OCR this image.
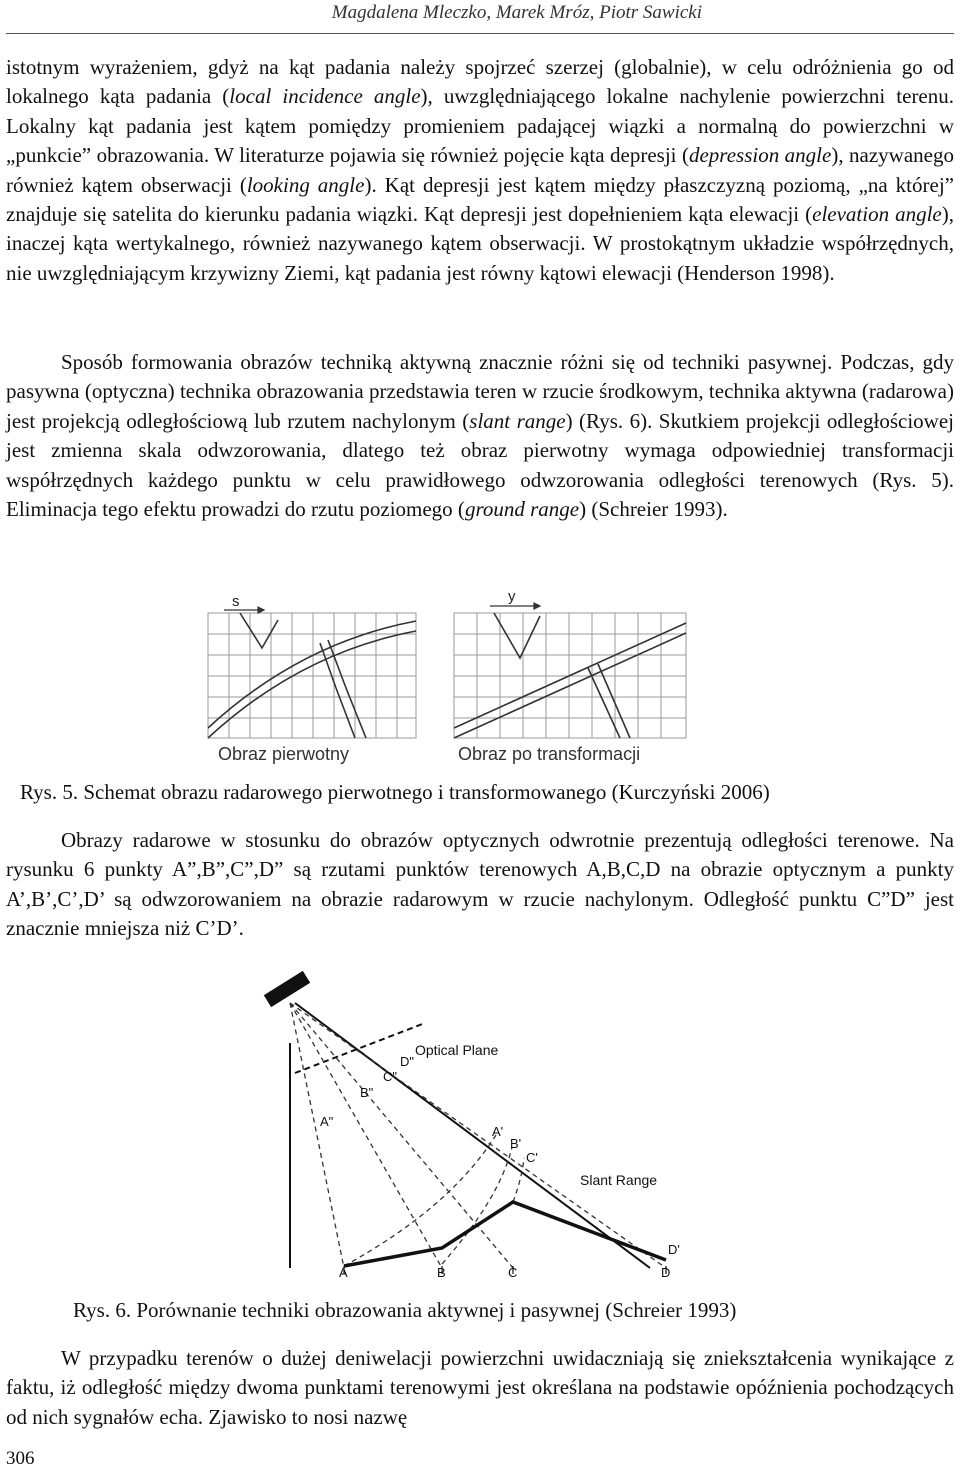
Magdalena Mleczko, Marek Mróz, Piotr Sawicki

istotnym wyrażeniem, gdyż na kąt padania należy spojrzeć szerzej (globalnie), w celu odróżnienia go od lokalnego kąta padania (local incidence angle), uwzględniającego lokalne nachylenie powierzchni terenu. Lokalny kąt padania jest kątem pomiędzy promieniem padającej wiązki a normalną do powierzchni w „punkcie” obrazowania. W literaturze pojawia się również pojęcie kąta depresji (depression angle), nazywanego również kątem obserwacji (looking angle). Kąt depresji jest kątem między płaszczyzną poziomą, „na której” znajduje się satelita do kierunku padania wiązki. Kąt depresji jest dopełnieniem kąta elewacji (elevation angle), inaczej kąta wertykalnego, również nazywanego kątem obserwacji. W prostokątnym układzie współrzędnych, nie uwzględniającym krzywizny Ziemi, kąt padania jest równy kątowi elewacji (Henderson 1998).

Sposób formowania obrazów techniką aktywną znacznie różni się od techniki pasywnej. Podczas, gdy pasywna (optyczna) technika obrazowania przedstawia teren w rzucie środkowym, technika aktywna (radarowa) jest projekcją odległościową lub rzutem nachylonym (slant range) (Rys. 6). Skutkiem projekcji odległościowej jest zmienna skala odwzorowania, dlatego też obraz pierwotny wymaga odpowiedniej transformacji współrzędnych każdego punktu w celu prawidłowego odwzorowania odległości terenowych (Rys. 5). Eliminacja tego efektu prowadzi do rzutu poziomego (ground range) (Schreier 1993).

s	y
Obraz pierwotny	Obraz po transformacji
Rys. 5. Schemat obrazu radarowego pierwotnego i transformowanego (Kurczyński 2006)

Obrazy radarowe w stosunku do obrazów optycznych odwrotnie prezentują odległości terenowe. Na rysunku 6 punkty A”,B”,C”,D” są rzutami punktów terenowych A,B,C,D na obrazie optycznym a punkty A’,B’,C’,D’ są odwzorowaniem na obrazie radarowym w rzucie nachylonym. Odległość punktu C”D” jest znacznie mniejsza niż C’D’.

Optical Plane
Slant Range
D"
C"
B"
A"
A'
B'
C'
D'
A	B	C	D
Rys. 6. Porównanie techniki obrazowania aktywnej i pasywnej (Schreier 1993)

W przypadku terenów o dużej deniwelacji powierzchni uwidaczniają się zniekształcenia wynikające z faktu, iż odległość między dwoma punktami terenowymi jest określana na podstawie opóźnienia pochodzących od nich sygnałów echa. Zjawisko to nosi nazwę

306
